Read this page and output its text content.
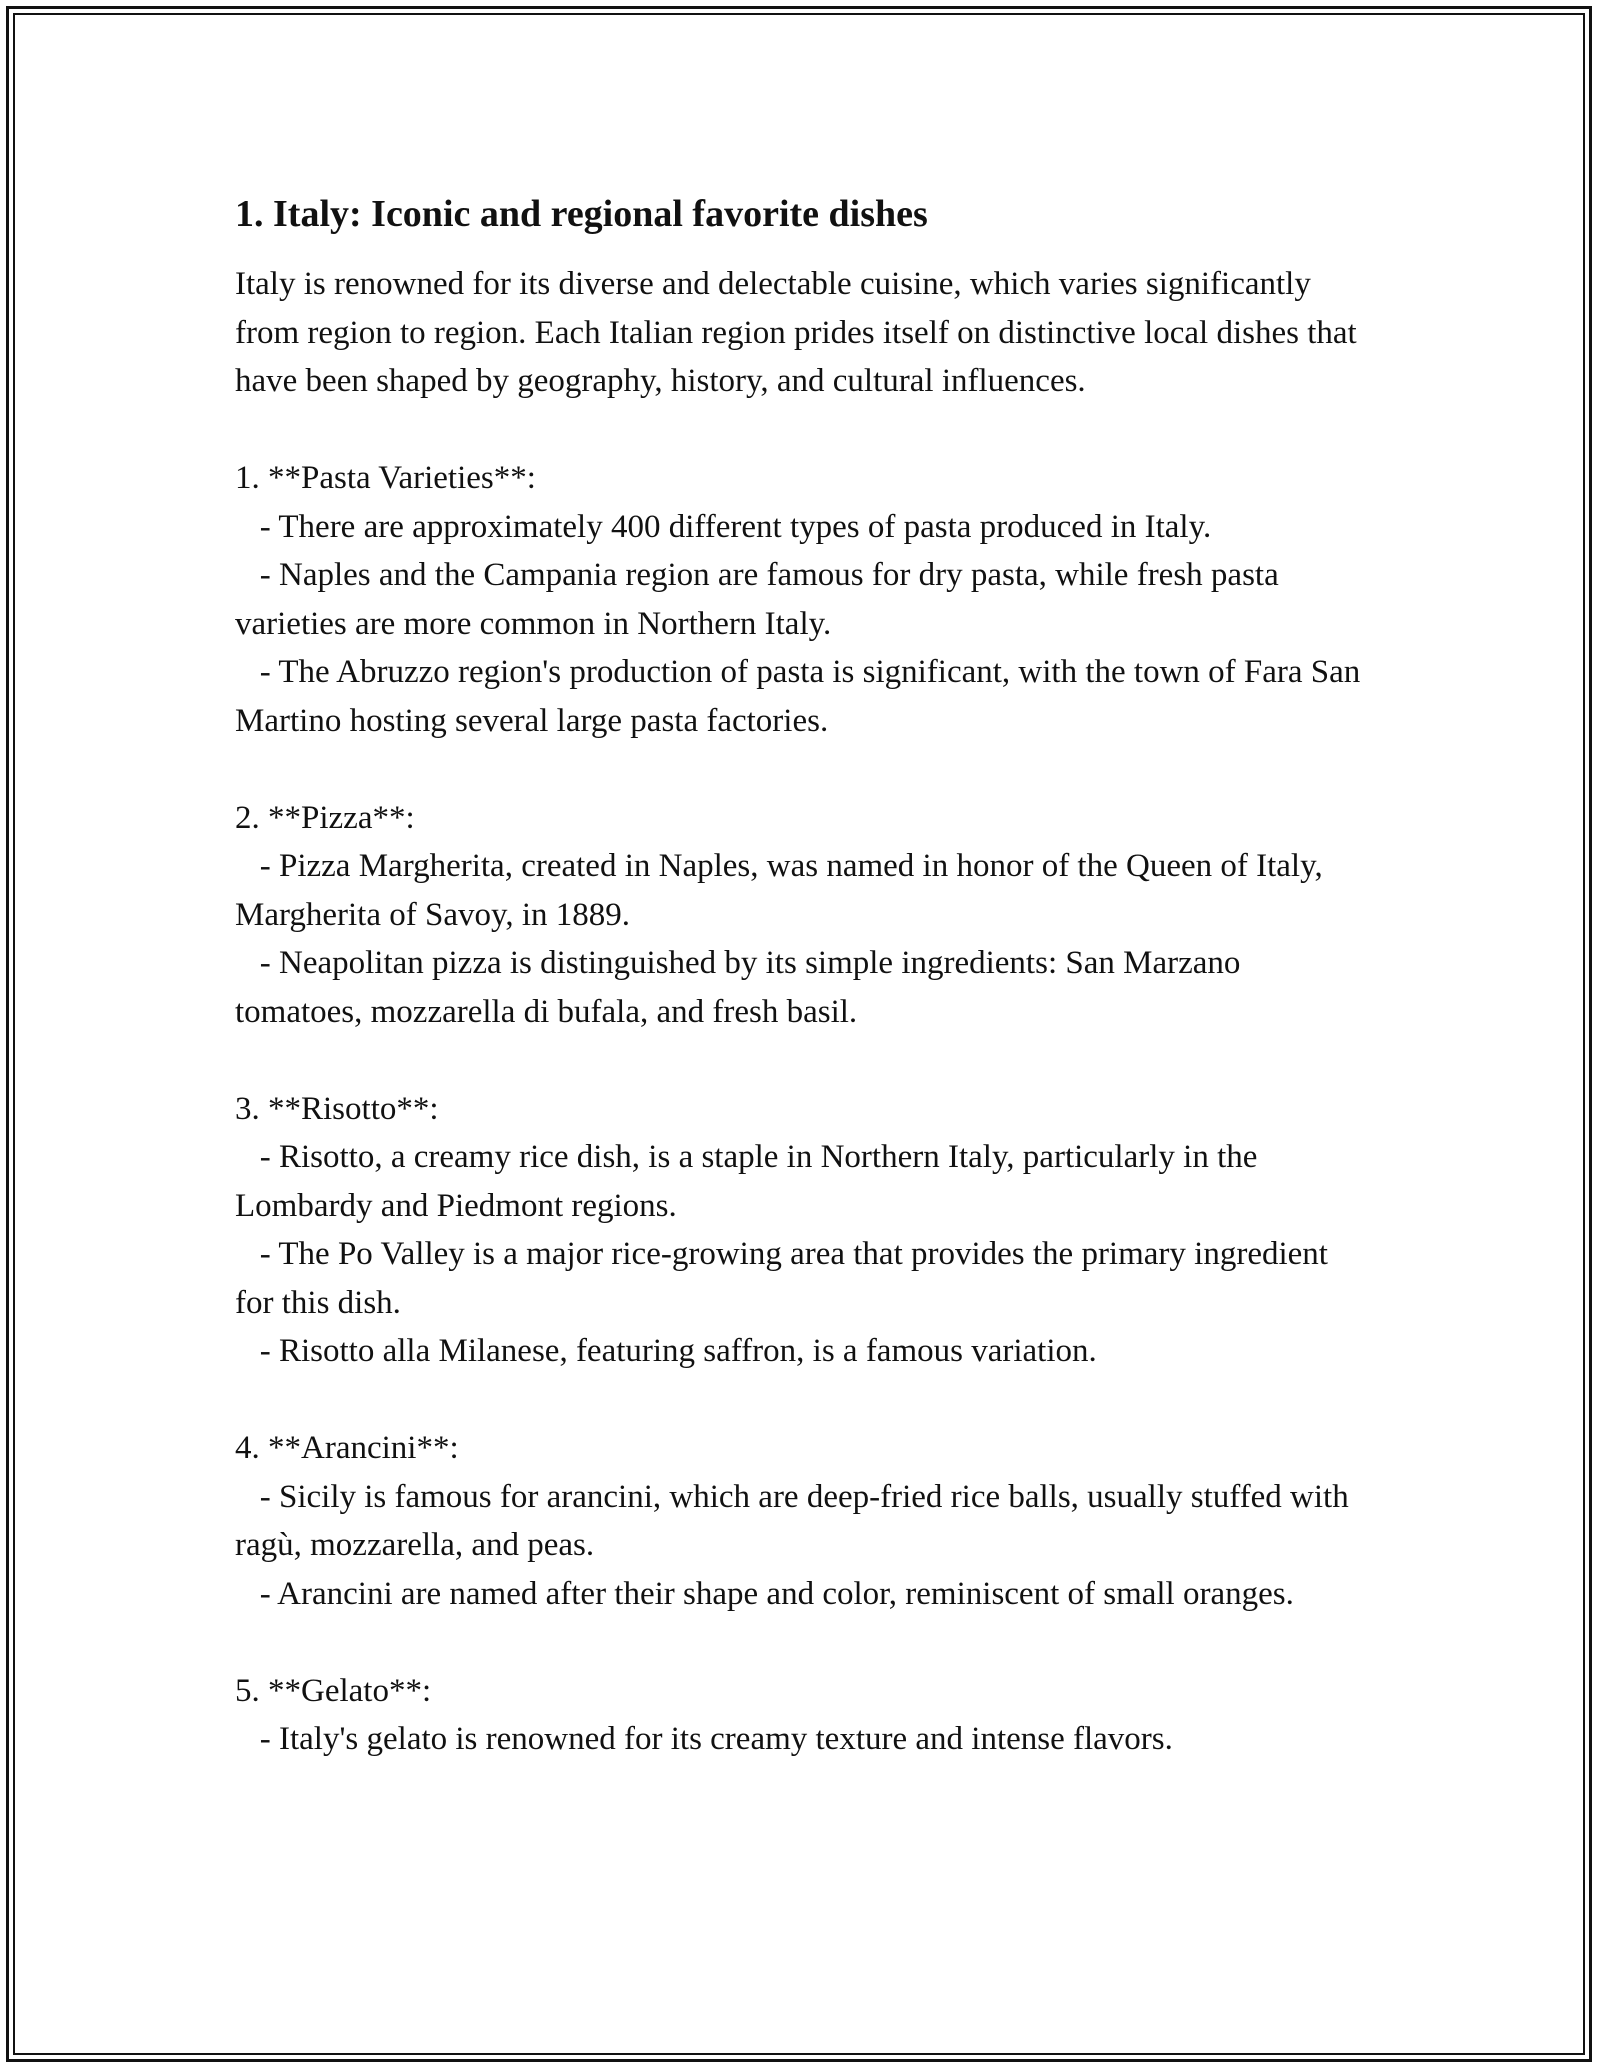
1. Italy: Iconic and regional favorite dishes

Italy is renowned for its diverse and delectable cuisine, which varies significantly from region to region. Each Italian region prides itself on distinctive local dishes that have been shaped by geography, history, and cultural influences.

1. **Pasta Varieties**:

- There are approximately 400 different types of pasta produced in Italy.

- Naples and the Campania region are famous for dry pasta, while fresh pasta varieties are more common in Northern Italy.

- The Abruzzo region's production of pasta is significant, with the town of Fara San Martino hosting several large pasta factories.

2. **Pizza**:

- Pizza Margherita, created in Naples, was named in honor of the Queen of Italy, Margherita of Savoy, in 1889.

- Neapolitan pizza is distinguished by its simple ingredients: San Marzano tomatoes, mozzarella di bufala, and fresh basil.

3. **Risotto**:

- Risotto, a creamy rice dish, is a staple in Northern Italy, particularly in the Lombardy and Piedmont regions.

- The Po Valley is a major rice-growing area that provides the primary ingredient for this dish.

- Risotto alla Milanese, featuring saffron, is a famous variation.

4. **Arancini**:

- Sicily is famous for arancini, which are deep-fried rice balls, usually stuffed with ragù, mozzarella, and peas.

- Arancini are named after their shape and color, reminiscent of small oranges.

5. **Gelato**:

- Italy's gelato is renowned for its creamy texture and intense flavors.
